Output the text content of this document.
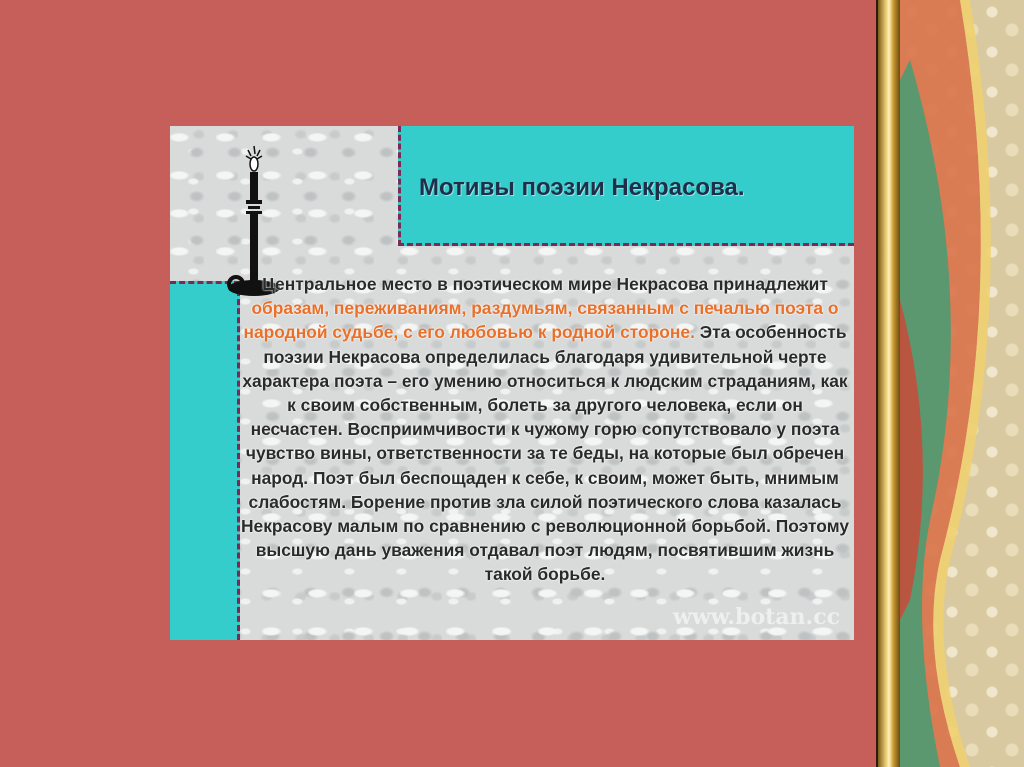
Мотивы поэзии Некрасова.
Центральное место в поэтическом мире Некрасова принадлежит образам, переживаниям, раздумьям, связанным с печалью поэта о народной судьбе, с его любовью к родной стороне. Эта особенность поэзии Некрасова определилась благодаря удивительной черте характера поэта – его умению относиться к людским страданиям, как к своим собственным, болеть за другого человека, если он несчастен. Восприимчивости к чужому горю сопутствовало у поэта чувство вины, ответственности за те беды, на которые был обречен народ. Поэт был беспощаден к себе, к своим, может быть, мнимым слабостям. Борение против зла силой поэтического слова казалась Некрасову малым по сравнению с революционной борьбой. Поэтому высшую дань уважения отдавал поэт людям, посвятившим жизнь такой борьбе.
www.botan.cc
